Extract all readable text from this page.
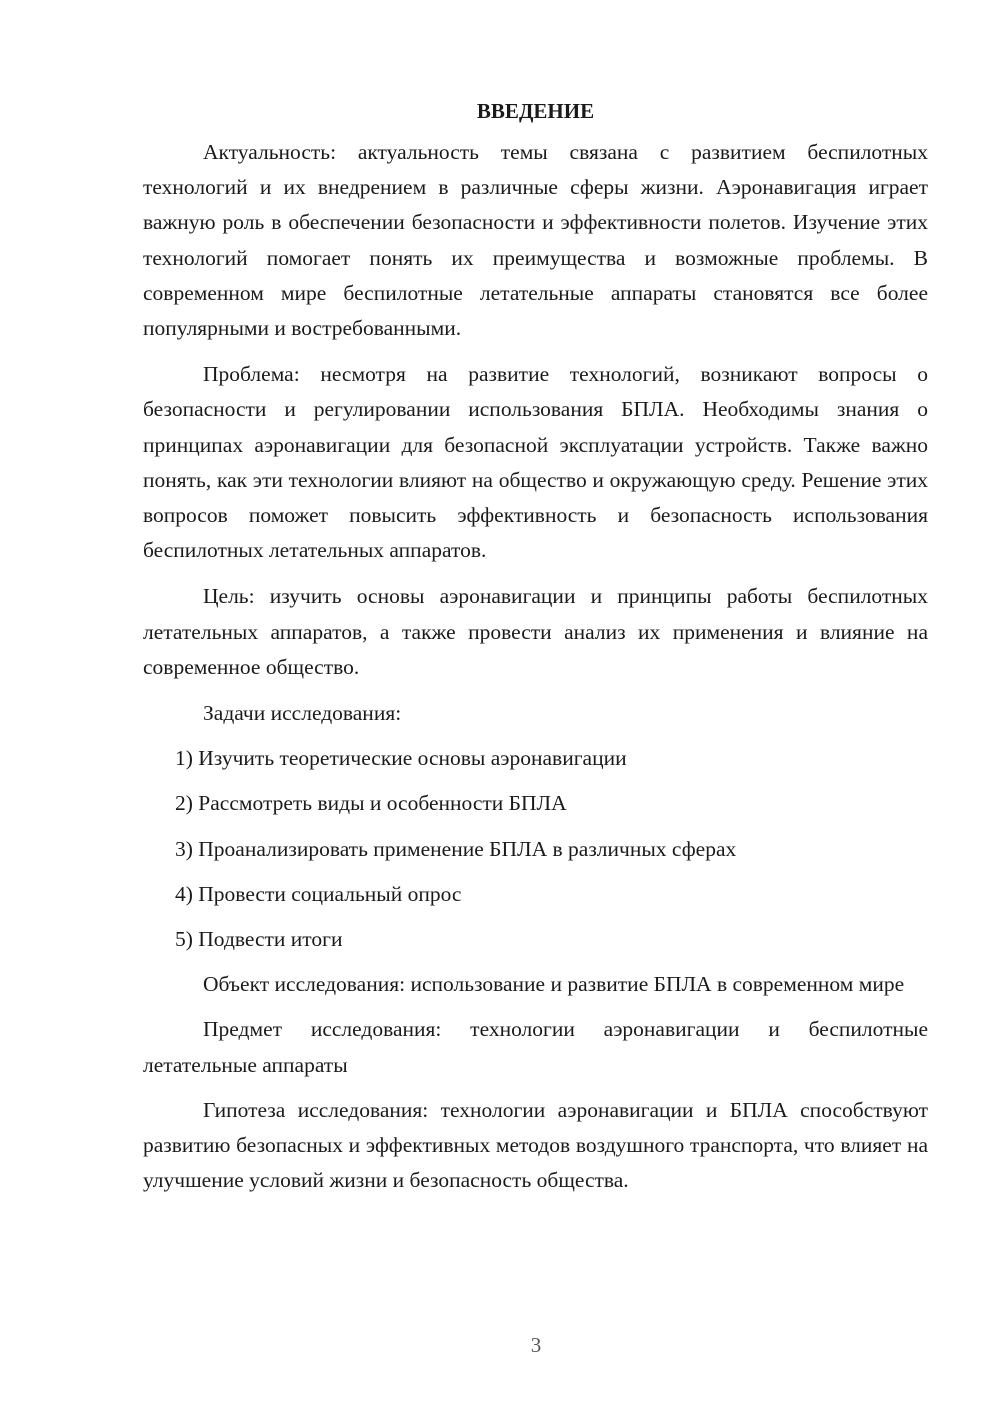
ВВЕДЕНИЕ

Актуальность: актуальность темы связана с развитием беспилотных технологий и их внедрением в различные сферы жизни. Аэронавигация играет важную роль в обеспечении безопасности и эффективности полетов. Изучение этих технологий помогает понять их преимущества и возможные проблемы. В современном мире беспилотные летательные аппараты становятся все более популярными и востребованными.

Проблема: несмотря на развитие технологий, возникают вопросы о безопасности и регулировании использования БПЛА. Необходимы знания о принципах аэронавигации для безопасной эксплуатации устройств. Также важно понять, как эти технологии влияют на общество и окружающую среду. Решение этих вопросов поможет повысить эффективность и безопасность использования беспилотных летательных аппаратов.

Цель: изучить основы аэронавигации и принципы работы беспилотных летательных аппаратов, а также провести анализ их применения и влияние на современное общество.

Задачи исследования:

1) Изучить теоретические основы аэронавигации
2) Рассмотреть виды и особенности БПЛА
3) Проанализировать применение БПЛА в различных сферах
4) Провести социальный опрос
5) Подвести итоги

Объект исследования: использование и развитие БПЛА в современном мире

Предмет исследования: технологии аэронавигации и беспилотные летательные аппараты

Гипотеза исследования: технологии аэронавигации и БПЛА способствуют развитию безопасных и эффективных методов воздушного транспорта, что влияет на улучшение условий жизни и безопасность общества.

3
